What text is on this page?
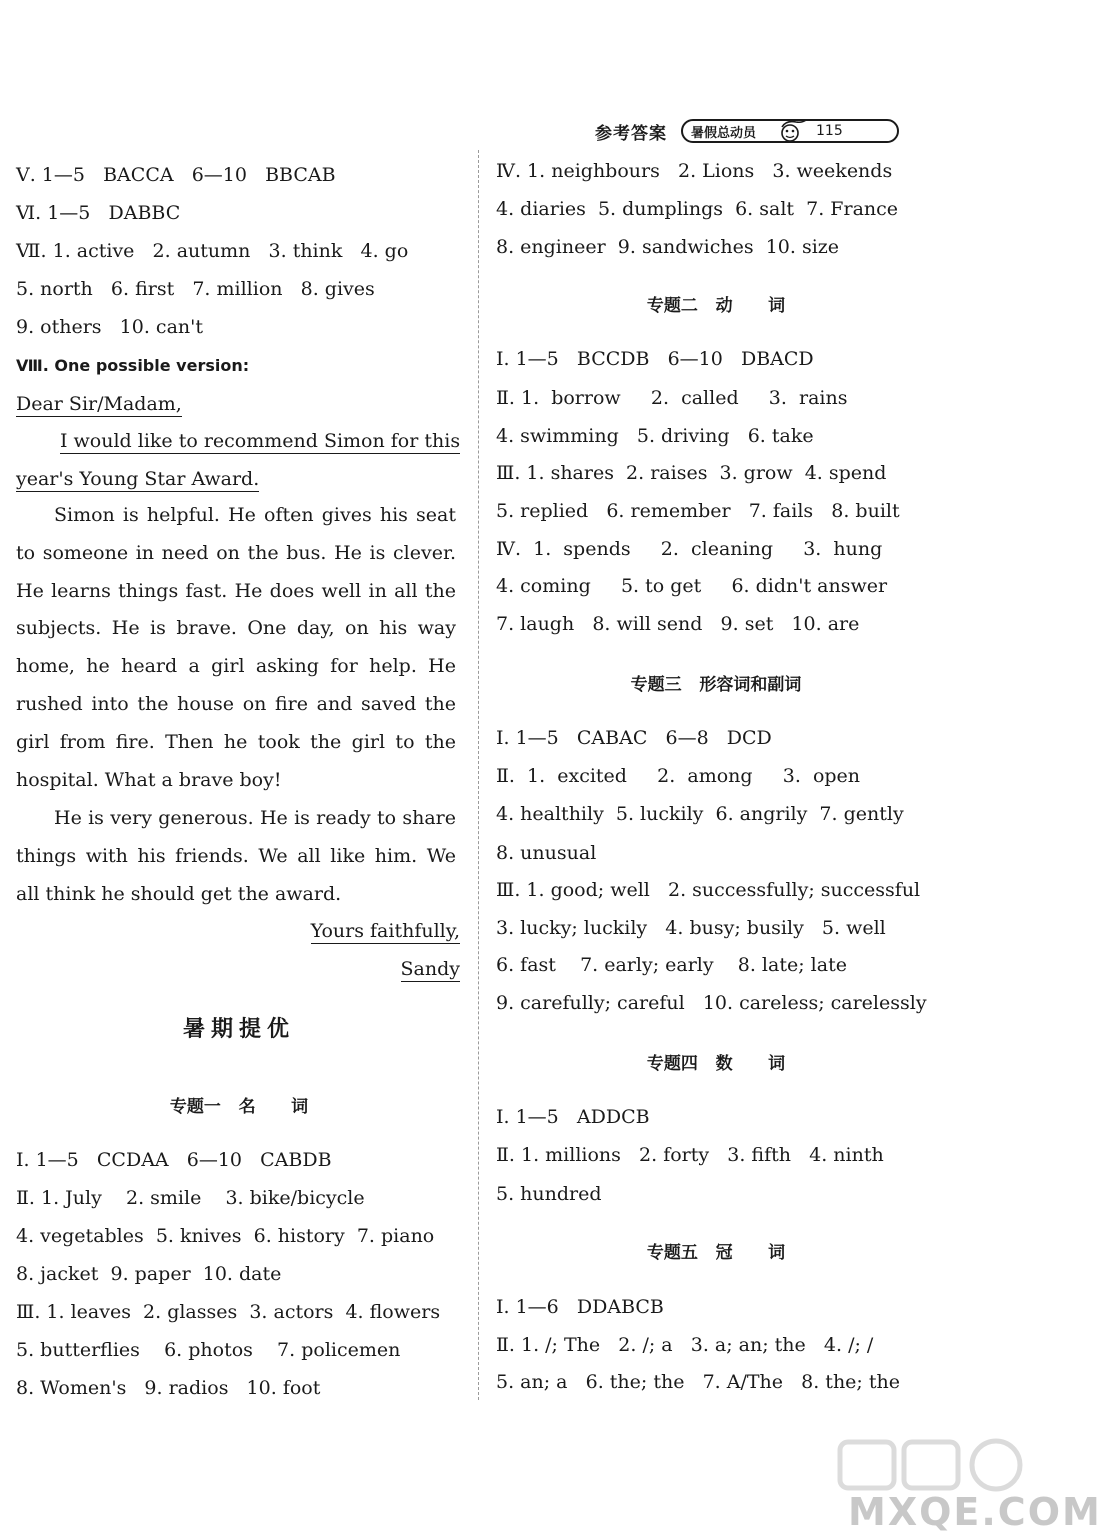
参考答案 暑假总动员	115
Ⅴ. 1—5   BACCA   6—10   BBCAB
Ⅵ. 1—5   DABBC
Ⅶ. 1. active   2. autumn   3. think   4. go
5. north   6. first   7. million   8. gives
9. others   10. can't
Ⅷ. One possible version:
Dear Sir/Madam,
I would like to recommend Simon for this
year's Young Star Award.
Simon is helpful. He often gives his seat to someone in need on the bus. He is clever. He learns things fast. He does well in all the subjects. He is brave. One day, on his way home, he heard a girl asking for help. He rushed into the house on fire and saved the girl from fire. Then he took the girl to the hospital. What a brave boy!
He is very generous. He is ready to share things with his friends. We all like him. We all think he should get the award.
Yours faithfully,
Sandy
暑期提优
专题一   名      词
Ⅰ. 1—5   CCDAA   6—10   CABDB
Ⅱ. 1. July    2. smile    3. bike/bicycle
4. vegetables  5. knives  6. history  7. piano
8. jacket  9. paper  10. date
Ⅲ. 1. leaves  2. glasses  3. actors  4. flowers
5. butterflies    6. photos    7. policemen
8. Women's   9. radios   10. foot
Ⅳ. 1. neighbours   2. Lions   3. weekends
4. diaries  5. dumplings  6. salt  7. France
8. engineer  9. sandwiches  10. size
专题二   动      词
Ⅰ. 1—5   BCCDB   6—10   DBACD
Ⅱ. 1.  borrow     2.  called     3.  rains
4. swimming   5. driving   6. take
Ⅲ. 1. shares  2. raises  3. grow  4. spend
5. replied   6. remember   7. fails   8. built
Ⅳ.  1.  spends     2.  cleaning     3.  hung
4. coming     5. to get     6. didn't answer
7. laugh   8. will send   9. set   10. are
专题三   形容词和副词
Ⅰ. 1—5   CABAC   6—8   DCD
Ⅱ.  1.  excited     2.  among     3.  open
4. healthily  5. luckily  6. angrily  7. gently
8. unusual
Ⅲ. 1. good; well   2. successfully; successful
3. lucky; luckily   4. busy; busily   5. well
6. fast    7. early; early    8. late; late
9. carefully; careful   10. careless; carelessly
专题四   数      词
Ⅰ. 1—5   ADDCB
Ⅱ. 1. millions   2. forty   3. fifth   4. ninth
5. hundred
专题五   冠      词
Ⅰ. 1—6   DDABCB
Ⅱ. 1. /; The   2. /; a   3. a; an; the   4. /; /
5. an; a   6. the; the   7. A/The   8. the; the
MXQE.COM
